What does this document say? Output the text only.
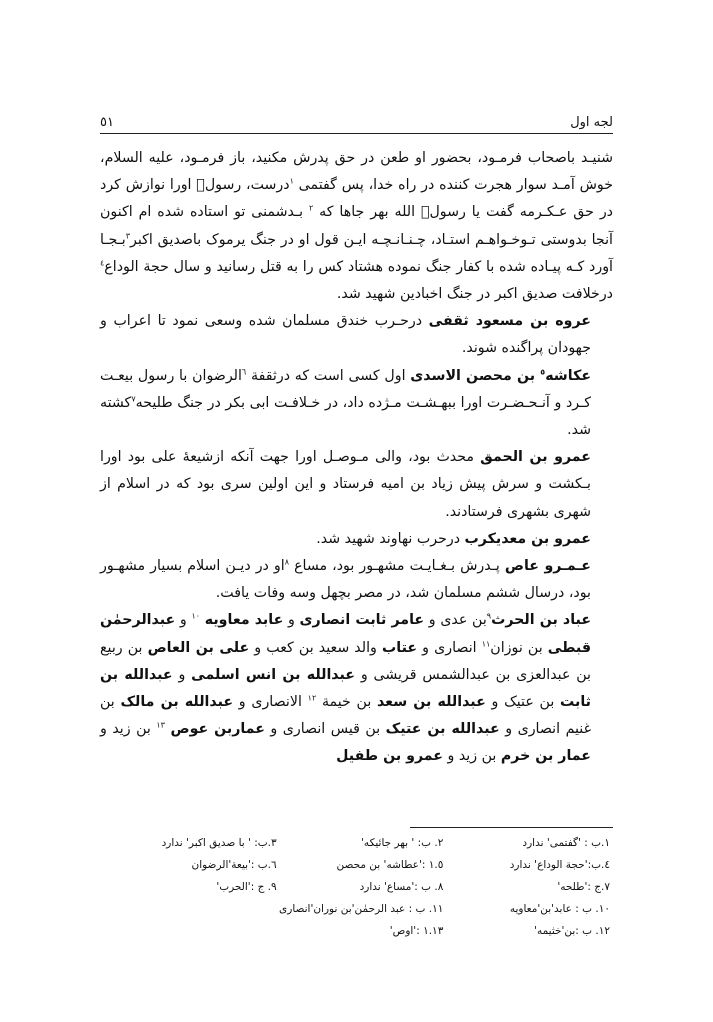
٥١	لجه اول

شنیـد باصحاب فرمـود، بحضور او طعن در حق پدرش مکنید، باز فرمـود، علیه السلام، خوش آمـد سوار هجرت کننده در راه خدا، پس گفتمی $^١$درست، رسولؐ اورا نوازش کرد در حق عـکـرمه گفت یا رسولؐ الله بهر جاها که $^٢$ بـدشمنی تو استاده شده ام اکنون آنجا بدوستی تـوخـواهـم استـاد، چـنـانـچـه ایـن قول او در جنگ یرموک باصدیق اکبر$^٣$بـجـا آورد کـه پیـاده شده با کفار جنگ نموده هشتاد کس را به قتل رسانید و سال حجة الوداع$^٤$ درخلافت صدیق اکبر در جنگ اخبادین شهید شد.

عروه بن مسعود ثقفی درحـرب خندق مسلمان شده وسعی نمود تا اعراب و جهودان پراگنده شوند.

عکاشه$^٥$ بن محصن الاسدی اول کسی است که درثقفة $^٦$الرضوان با رسول بیعـت کـرد و آنـحـضـرت اورا ببهـشـت مـژده داد، در خـلافـت ابی بکر در جنگ طلیحه$^٧$کشته شد.

عمرو بن الحمق محدث بود، والی مـوصـل اورا جهت آنکه ازشیعهٔ علی بود اورا بـکشت و سرش پیش زیاد بن امیه فرستاد و این اولین سری بود که در اسلام از شهری بشهری فرستادند.

عمرو بن معدیکرب درحرب نهاوند شهید شد.

عـمـرو عاص پـدرش بـغـایـت مشهـور بود، مساع $^٨$او در دیـن اسلام بسیار مشهـور بود، درسال ششم مسلمان شد، در مصر بچهل وسه وفات یافت.

عباد بن الحرث$^٩$بن عدی و عامر ثابت انصاری و عابد معاویه $^{١٠}$ و عبدالرحمٰن قبطی بن نوزان$^{١١}$ انصاری و عتاب والد سعید بن کعب و علی بن العاص بن ربیع بن عبدالعزی بن عبدالشمس قریشی و عبدالله بن انس اسلمی و عبدالله بن ثابت بن عتیک و عبدالله بن سعد بن خیمة $^{١٢}$ الانصاری و عبدالله بن مالک بن غنیم انصاری و عبدالله بن عتیک بن قیس انصاری و عماربن عوص $^{١٣}$ بن زید و عمار بن خرم بن زید و عمرو بن طفیل

١.ب : 'گفتمی' ندارد
٢. ب: ' بهر جائیکه'
٣.ب: ' با صدیق اکبر' ندارد
٤.ب:'حجة الوداع' ندارد
١.٥ :'عطاشه' بن محصن
٦.ب :'بیعة'الرضوان
٧.ج :'طلحه'
٨. ب :'مساع' ندارد
٩. ج :'الحرب'
١٠. ب : عابد'بن'معاویه
١١. ب : عبد الرحمٰن'بن نوران'انصاری
١٢. ب :بن'خثیمه'
١.١٣ :'اوص'
